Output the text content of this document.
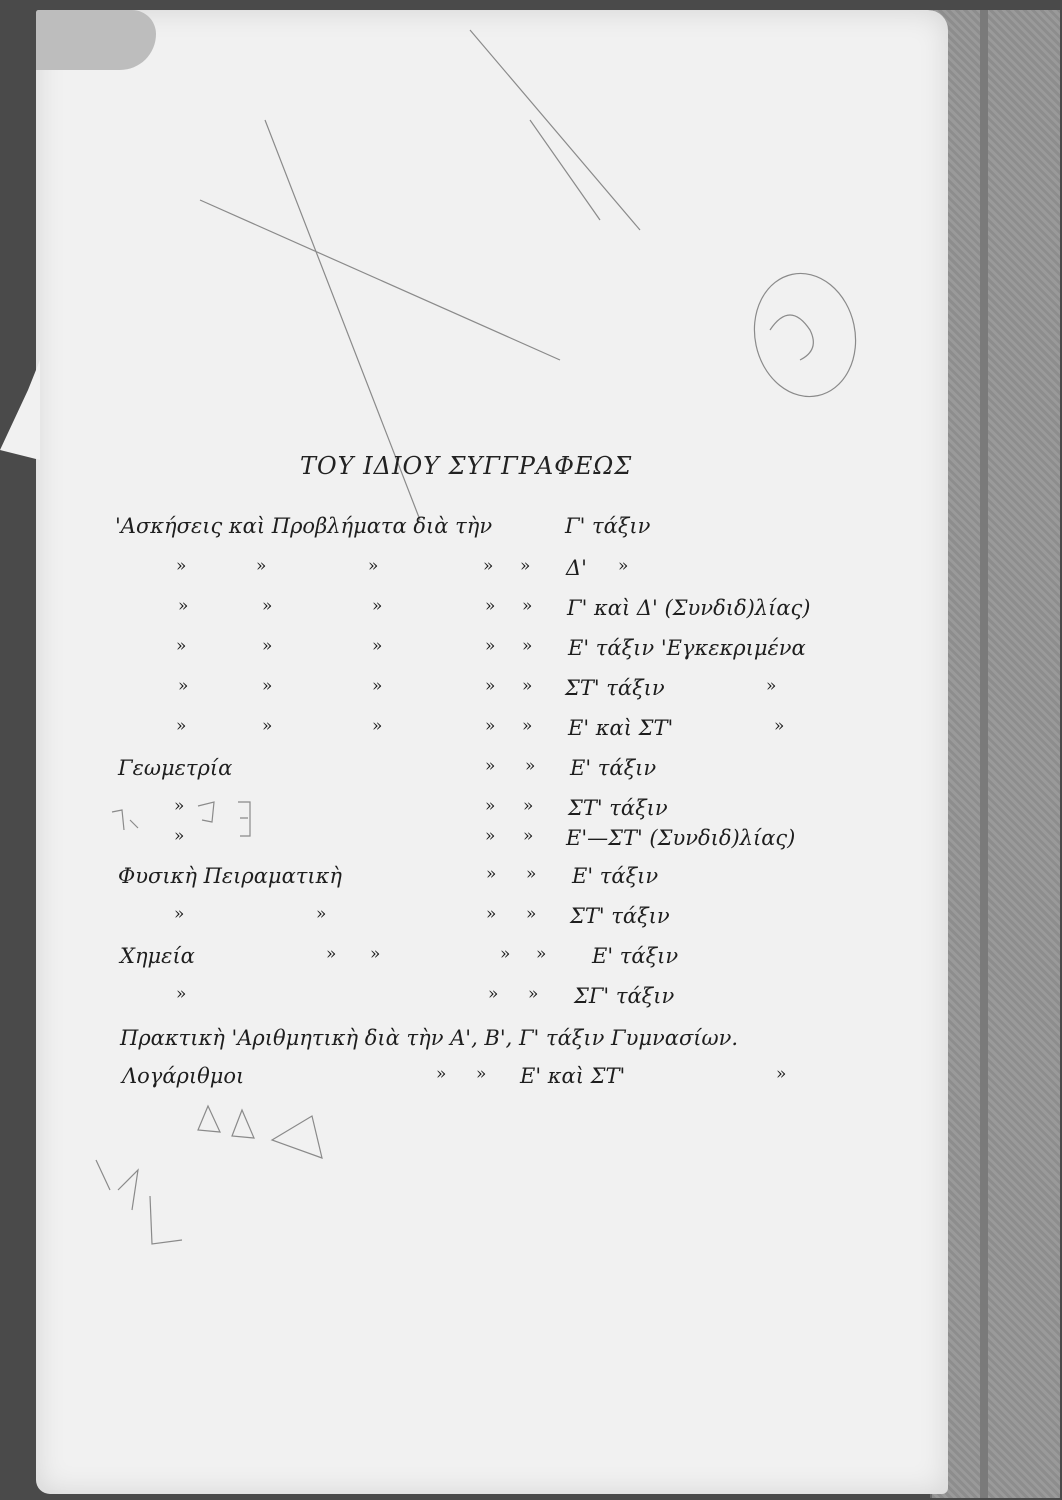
ΤΟΥ ΙΔΙΟΥ ΣΥΓΓΡΑΦΕΩΣ
'Ασκήσεις καὶ Προβλήματα διὰ τὴν	Γ' τάξιν
»	»	»	» » Δ' »
»	»	»	» » Γ' καὶ Δ' (Συνδιδ)λίας)
»	»	»	» » Ε' τάξιν 'Εγκεκριμένα
»	»	»	» » ΣΤ' τάξιν	»
»	»	»	» » Ε' καὶ ΣΤ'	»
Γεωμετρία	» » Ε' τάξιν
»	» » ΣΤ' τάξιν
»	» » Ε'—ΣΤ' (Συνδιδ)λίας)
Φυσικὴ Πειραματικὴ	» » Ε' τάξιν
»	»	» » ΣΤ' τάξιν
Χημεία	» »	» » Ε' τάξιν
»	» » ΣΓ' τάξιν
Πρακτικὴ 'Αριθμητικὴ διὰ τὴν Α', Β', Γ' τάξιν Γυμνασίων.
Λογάριθμοι	» » Ε' καὶ ΣΤ'	»
